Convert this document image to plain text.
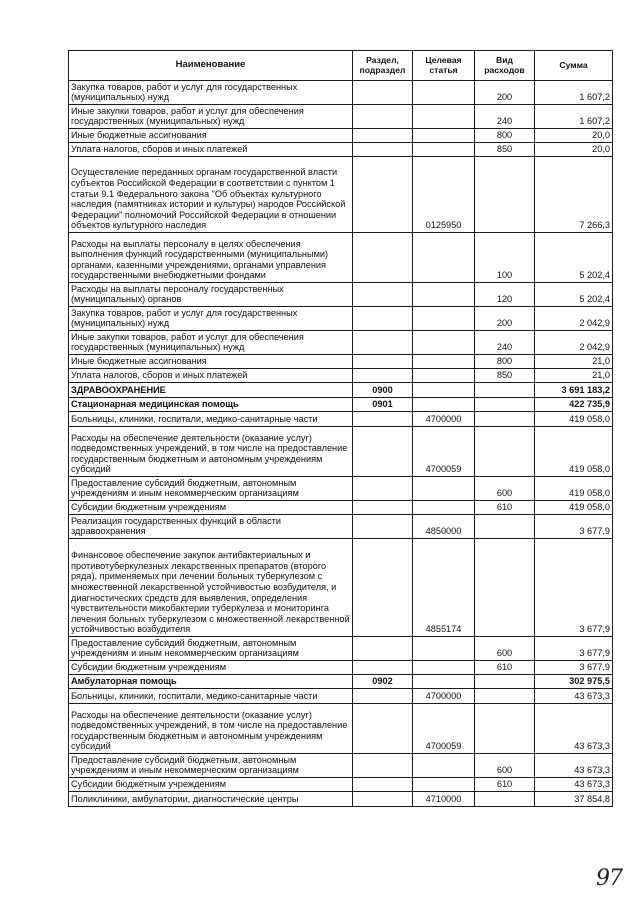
Наименование	Раздел, подраздел	Целевая статья	Вид расходов	Сумма
Закупка товаров, работ и услуг для государственных (муниципальных) нужд			200	1 607,2
Иные закупки товаров, работ и услуг для обеспечения государственных (муниципальных) нужд			240	1 607,2
Иные бюджетные ассигнования			800	20,0
Уплата налогов, сборов и иных платежей			850	20,0
Осуществление переданных органам государственной власти субъектов Российской Федерации в соответствии с пунктом 1 статьи 9.1 Федерального закона "Об объектах культурного наследия (памятниках истории и культуры) народов Российской Федерации" полномочий Российской Федерации в отношении объектов культурного наследия		0125950		7 266,3
Расходы на выплаты персоналу в целях обеспечения выполнения функций государственными (муниципальными) органами, казенными учреждениями, органами управления государственными внебюджетными фондами			100	5 202,4
Расходы на выплаты персоналу государственных (муниципальных) органов			120	5 202,4
Закупка товаров, работ и услуг для государственных (муниципальных) нужд			200	2 042,9
Иные закупки товаров, работ и услуг для обеспечения государственных (муниципальных) нужд			240	2 042,9
Иные бюджетные ассигнования			800	21,0
Уплата налогов, сборов и иных платежей			850	21,0
ЗДРАВООХРАНЕНИЕ	0900			3 691 183,2
Стационарная медицинская помощь	0901			422 735,9
Больницы, клиники, госпитали, медико-санитарные части		4700000		419 058,0
Расходы на обеспечение деятельности (оказание услуг) подведомственных учреждений, в том числе на предоставление государственным бюджетным и автономным учреждениям субсидий		4700059		419 058,0
Предоставление субсидий бюджетным, автономным учреждениям и иным некоммерческим организациям			600	419 058,0
Субсидии бюджетным учреждениям			610	419 058,0
Реализация государственных функций в области здравоохранения		4850000		3 677,9
Финансовое обеспечение закупок антибактериальных и противотуберкулезных лекарственных препаратов (второго ряда), применяемых при лечении больных туберкулезом с множественной лекарственной устойчивостью возбудителя, и диагностических средств для выявления, определения чувствительности микобактерии туберкулеза и мониторинга лечения больных туберкулезом с множественной лекарственной устойчивостью возбудителя		4855174		3 677,9
Предоставление субсидий бюджетным, автономным учреждениям и иным некоммерческим организациям			600	3 677,9
Субсидии бюджетным учреждениям			610	3 677,9
Амбулаторная помощь	0902			302 975,5
Больницы, клиники, госпитали, медико-санитарные части		4700000		43 673,3
Расходы на обеспечение деятельности (оказание услуг) подведомственных учреждений, в том числе на предоставление государственным бюджетным и автономным учреждениям субсидий		4700059		43 673,3
Предоставление субсидий бюджетным, автономным учреждениям и иным некоммерческим организациям			600	43 673,3
Субсидии бюджетным учреждениям			610	43 673,3
Поликлиники, амбулатории, диагностические центры		4710000		37 854,8
97
